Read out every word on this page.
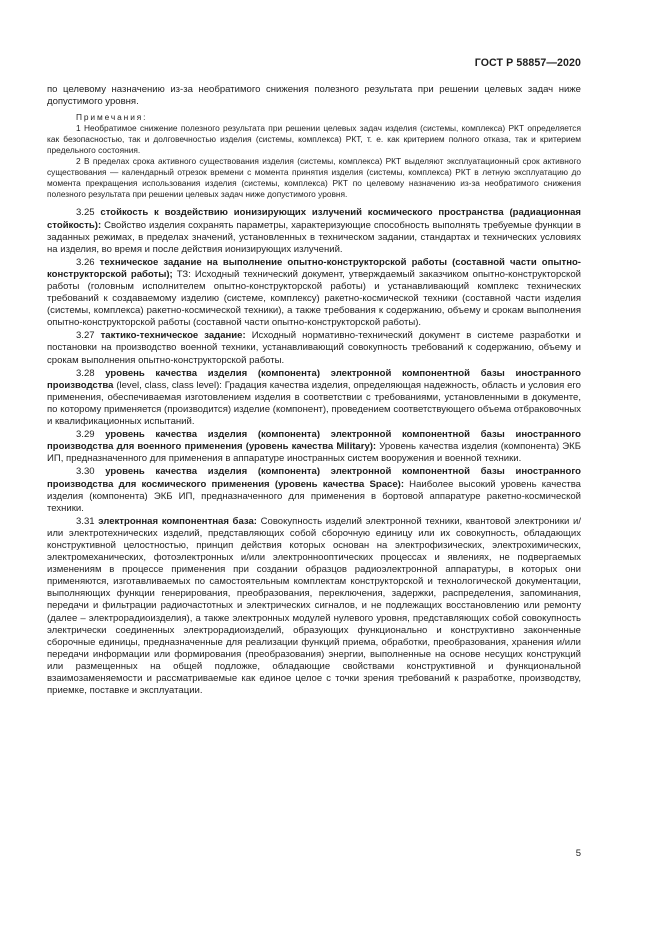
ГОСТ Р 58857—2020

по целевому назначению из-за необратимого снижения полезного результата при решении целевых задач ниже допустимого уровня.

Примечания:

1 Необратимое снижение полезного результата при решении целевых задач изделия (системы, комплекса) РКТ определяется как безопасностью, так и долговечностью изделия (системы, комплекса) РКТ, т. е. как критерием полного отказа, так и критерием предельного состояния.

2 В пределах срока активного существования изделия (системы, комплекса) РКТ выделяют эксплуатационный срок активного существования — календарный отрезок времени с момента принятия изделия (системы, комплекса) РКТ в летную эксплуатацию до момента прекращения использования изделия (системы, комплекса) РКТ по целевому назначению из-за необратимого снижения полезного результата при решении целевых задач ниже допустимого уровня.

3.25 стойкость к воздействию ионизирующих излучений космического пространства (радиационная стойкость): Свойство изделия сохранять параметры, характеризующие способность выполнять требуемые функции в заданных режимах, в пределах значений, установленных в техническом задании, стандартах и технических условиях на изделия, во время и после действия ионизирующих излучений.

3.26 техническое задание на выполнение опытно-конструкторской работы (составной части опытно-конструкторской работы); ТЗ: Исходный технический документ, утверждаемый заказчиком опытно-конструкторской работы (головным исполнителем опытно-конструкторской работы) и устанавливающий комплекс технических требований к создаваемому изделию (системе, комплексу) ракетно-космической техники (составной части изделия (системы, комплекса) ракетно-космической техники), а также требования к содержанию, объему и срокам выполнения опытно-конструкторской работы (составной части опытно-конструкторской работы).

3.27 тактико-техническое задание: Исходный нормативно-технический документ в системе разработки и постановки на производство военной техники, устанавливающий совокупность требований к содержанию, объему и срокам выполнения опытно-конструкторской работы.

3.28 уровень качества изделия (компонента) электронной компонентной базы иностранного производства (level, class, class level): Градация качества изделия, определяющая надежность, область и условия его применения, обеспечиваемая изготовлением изделия в соответствии с требованиями, установленными в документе, по которому применяется (производится) изделие (компонент), проведением соответствующего объема отбраковочных и квалификационных испытаний.

3.29 уровень качества изделия (компонента) электронной компонентной базы иностранного производства для военного применения (уровень качества Military): Уровень качества изделия (компонента) ЭКБ ИП, предназначенного для применения в аппаратуре иностранных систем вооружения и военной техники.

3.30 уровень качества изделия (компонента) электронной компонентной базы иностранного производства для космического применения (уровень качества Space): Наиболее высокий уровень качества изделия (компонента) ЭКБ ИП, предназначенного для применения в бортовой аппаратуре ракетно-космической техники.

3.31 электронная компонентная база: Совокупность изделий электронной техники, квантовой электроники и/или электротехнических изделий, представляющих собой сборочную единицу или их совокупность, обладающих конструктивной целостностью, принцип действия которых основан на электрофизических, электрохимических, электромеханических, фотоэлектронных и/или электроннооптических процессах и явлениях, не подвергаемых изменениям в процессе применения при создании образцов радиоэлектронной аппаратуры, в которых они применяются, изготавливаемых по самостоятельным комплектам конструкторской и технологической документации, выполняющих функции генерирования, преобразования, переключения, задержки, распределения, запоминания, передачи и фильтрации радиочастотных и электрических сигналов, и не подлежащих восстановлению или ремонту (далее – электрорадиоизделия), а также электронных модулей нулевого уровня, представляющих собой совокупность электрически соединенных электрорадиоизделий, образующих функционально и конструктивно законченные сборочные единицы, предназначенные для реализации функций приема, обработки, преобразования, хранения и/или передачи информации или формирования (преобразования) энергии, выполненные на основе несущих конструкций или размещенных на общей подложке, обладающие свойствами конструктивной и функциональной взаимозаменяемости и рассматриваемые как единое целое с точки зрения требований к разработке, производству, приемке, поставке и эксплуатации.

5
